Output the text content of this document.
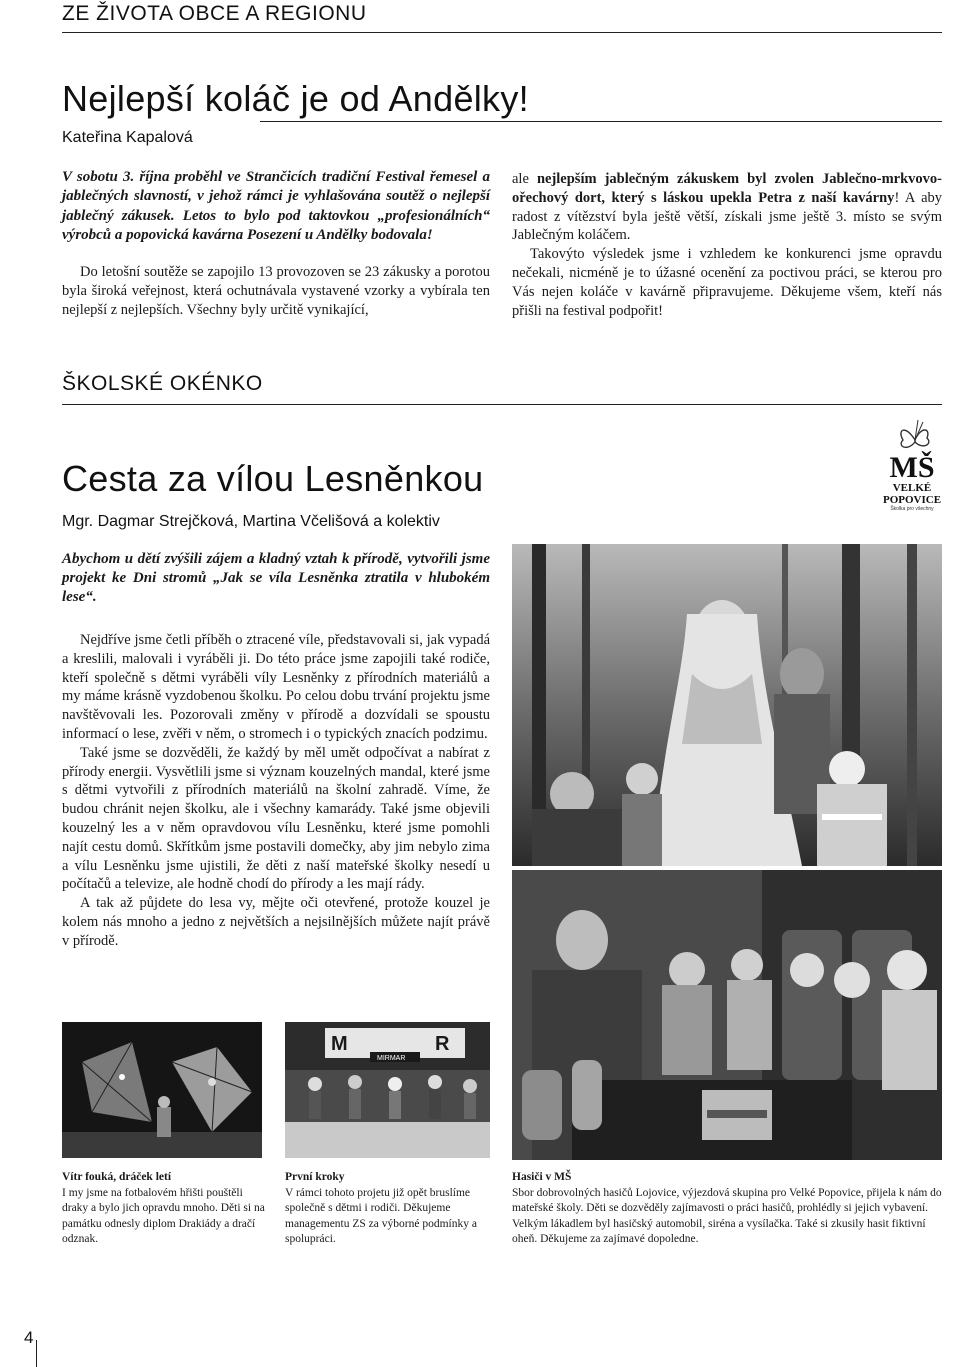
ZE ŽIVOTA OBCE A REGIONU
Nejlepší koláč je od Andělky!
Kateřina Kapalová

V sobotu 3. října proběhl ve Strančicích tradiční Festival řemesel a jablečných slavností, v jehož rámci je vyhlašována soutěž o nejlepší jablečný zákusek. Letos to bylo pod taktovkou „profesionálních“ výrobců a popovická kavárna Posezení u Andělky bodovala!

Do letošní soutěže se zapojilo 13 provozoven se 23 zákusky a porotou byla široká veřejnost, která ochutnávala vystavené vzorky a vybírala ten nejlepší z nejlepších. Všechny byly určitě vynikající,

ale nejlepším jablečným zákuskem byl zvolen Jablečno-mrkvovo-ořechový dort, který s láskou upekla Petra z naší kavárny! A aby radost z vítězství byla ještě větší, získali jsme ještě 3. místo se svým Jablečným koláčem.

Takovýto výsledek jsme i vzhledem ke konkurenci jsme opravdu nečekali, nicméně je to úžasné ocenění za poctivou práci, se kterou pro Vás nejen koláče v kavárně připravujeme. Děkujeme všem, kteří nás přišli na festival podpořit!

ŠKOLSKÉ OKÉNKO
MŠ
VELKÉ
POPOVICE
Školka pro všechny
Cesta za vílou Lesněnkou
Mgr. Dagmar Strejčková, Martina Včelišová a kolektiv

Abychom u dětí zvýšili zájem a kladný vztah k přírodě, vytvořili jsme projekt ke Dni stromů „Jak se víla Lesněnka ztratila v hlubokém lese“.

Nejdříve jsme četli příběh o ztracené víle, představovali si, jak vypadá a kreslili, malovali i vyráběli ji. Do této práce jsme zapojili také rodiče, kteří společně s dětmi vyráběli víly Lesněnky z přírodních materiálů a my máme krásně vyzdobenou školku. Po celou dobu trvání projektu jsme navštěvovali les. Pozorovali změny v přírodě a dozvídali se spoustu informací o lese, zvěři v něm, o stromech i o typických znacích podzimu.

Také jsme se dozvěděli, že každý by měl umět odpočívat a nabírat z přírody energii. Vysvětlili jsme si význam kouzelných mandal, které jsme s dětmi vytvořili z přírodních materiálů na školní zahradě. Víme, že budou chránit nejen školku, ale i všechny kamarády. Také jsme objevili kouzelný les a v něm opravdovou vílu Lesněnku, které jsme pomohli najít cestu domů. Skřítkům jsme postavili domečky, aby jim nebylo zima a vílu Lesněnku jsme ujistili, že děti z naší mateřské školky nesedí u počítačů a televize, ale hodně chodí do přírody a les mají rády.

A tak až půjdete do lesa vy, mějte oči otevřené, protože kouzel je kolem nás mnoho a jedno z největších a nejsilnějších můžete najít právě v přírodě.

M	R
MIRMAR
Vítr fouká, dráček letí
I my jsme na fotbalovém hřišti pouštěli draky a bylo jich opravdu mnoho. Děti si na památku odnesly diplom Drakiády a dračí odznak.
První kroky
V rámci tohoto projetu již opět bruslíme společně s dětmi i rodiči. Děkujeme managementu ZS za výborné podmínky a spolupráci.
Hasiči v MŠ
Sbor dobrovolných hasičů Lojovice, výjezdová skupina pro Velké Popovice, přijela k nám do mateřské školy. Děti se dozvěděly zajímavosti o práci hasičů, prohlédly si jejich vybavení. Velkým lákadlem byl hasičský automobil, siréna a vysílačka. Také si zkusily hasit fiktivní oheň. Děkujeme za zajímavé dopoledne.
4
